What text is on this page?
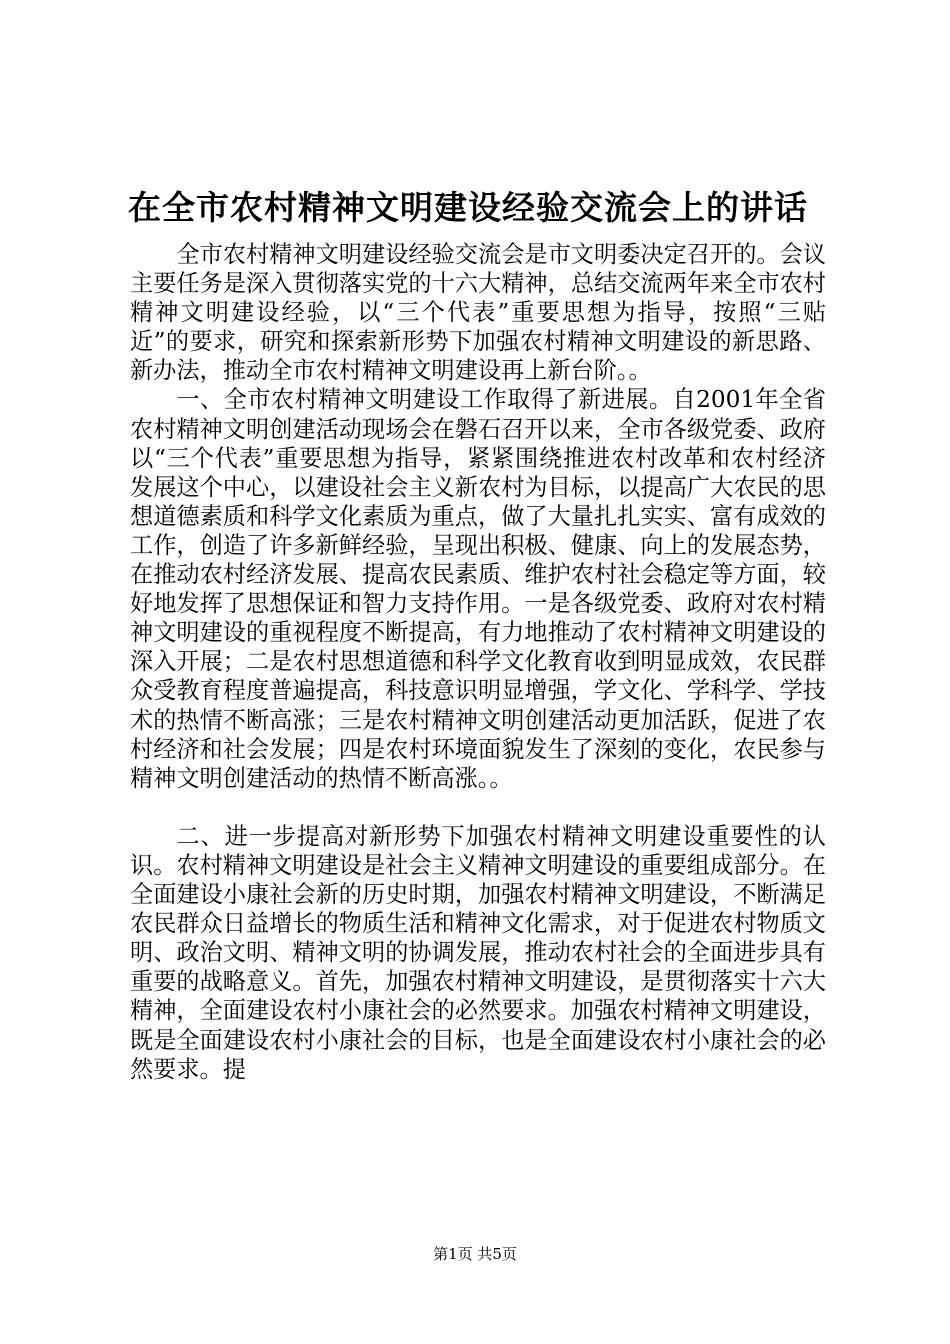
在全市农村精神文明建设经验交流会上的讲话

全市农村精神文明建设经验交流会是市文明委决定召开的。会议主要任务是深入贯彻落实党的十六大精神，总结交流两年来全市农村精神文明建设经验，以“三个代表”重要思想为指导，按照“三贴近”的要求，研究和探索新形势下加强农村精神文明建设的新思路、新办法，推动全市农村精神文明建设再上新台阶。。

一、全市农村精神文明建设工作取得了新进展。自2001年全省农村精神文明创建活动现场会在磐石召开以来，全市各级党委、政府以“三个代表”重要思想为指导，紧紧围绕推进农村改革和农村经济发展这个中心，以建设社会主义新农村为目标，以提高广大农民的思想道德素质和科学文化素质为重点，做了大量扎扎实实、富有成效的工作，创造了许多新鲜经验，呈现出积极、健康、向上的发展态势，在推动农村经济发展、提高农民素质、维护农村社会稳定等方面，较好地发挥了思想保证和智力支持作用。一是各级党委、政府对农村精神文明建设的重视程度不断提高，有力地推动了农村精神文明建设的深入开展；二是农村思想道德和科学文化教育收到明显成效，农民群众受教育程度普遍提高，科技意识明显增强，学文化、学科学、学技术的热情不断高涨；三是农村精神文明创建活动更加活跃，促进了农村经济和社会发展；四是农村环境面貌发生了深刻的变化，农民参与精神文明创建活动的热情不断高涨。。

二、进一步提高对新形势下加强农村精神文明建设重要性的认识。农村精神文明建设是社会主义精神文明建设的重要组成部分。在全面建设小康社会新的历史时期，加强农村精神文明建设，不断满足农民群众日益增长的物质生活和精神文化需求，对于促进农村物质文明、政治文明、精神文明的协调发展，推动农村社会的全面进步具有重要的战略意义。首先，加强农村精神文明建设，是贯彻落实十六大精神，全面建设农村小康社会的必然要求。加强农村精神文明建设，既是全面建设农村小康社会的目标，也是全面建设农村小康社会的必然要求。提

第1页 共5页
